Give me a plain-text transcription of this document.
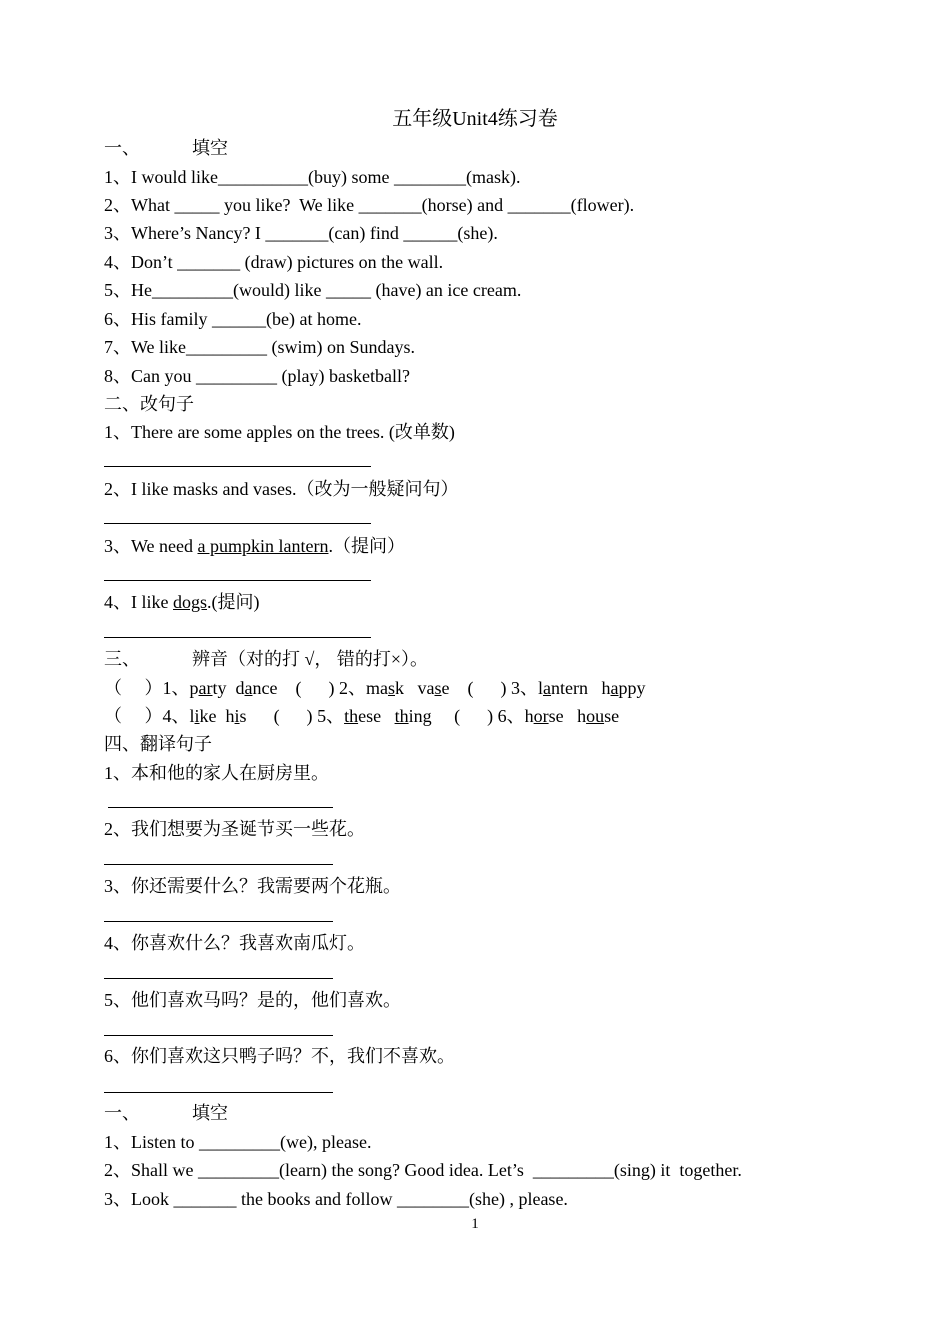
五年级Unit4练习卷
一、	填空
1、I would like__________(buy) some ________(mask).
2、What _____ you like?  We like _______(horse) and _______(flower).
3、Where’s Nancy? I _______(can) find ______(she).
4、Don’t _______ (draw) pictures on the wall.
5、He_________(would) like _____ (have) an ice cream.
6、His family ______(be) at home.
7、We like_________ (swim) on Sundays.
8、Can you _________ (play) basketball?
二、改句子
1、There are some apples on the trees. (改单数)
2、I like masks and vases.（改为一般疑问句）
3、We need a pumpkin lantern.（提问）
4、I like dogs.(提问)
三、	辨音（对的打 √， 错的打×）。
（     ）1、party dance (      ) 2、mask vase (      ) 3、lantern happy
（     ）4、like his (      ) 5、these thing (      ) 6、horse house
四、翻译句子
1、本和他的家人在厨房里。
2、我们想要为圣诞节买一些花。
3、你还需要什么？我需要两个花瓶。
4、你喜欢什么？我喜欢南瓜灯。
5、他们喜欢马吗？是的，他们喜欢。
6、你们喜欢这只鸭子吗？不，我们不喜欢。
一、	填空
1、Listen to _________(we), please.
2、Shall we _________(learn) the song? Good idea. Let’s  _________(sing) it  together.
3、Look _______ the books and follow ________(she) , please.
1
